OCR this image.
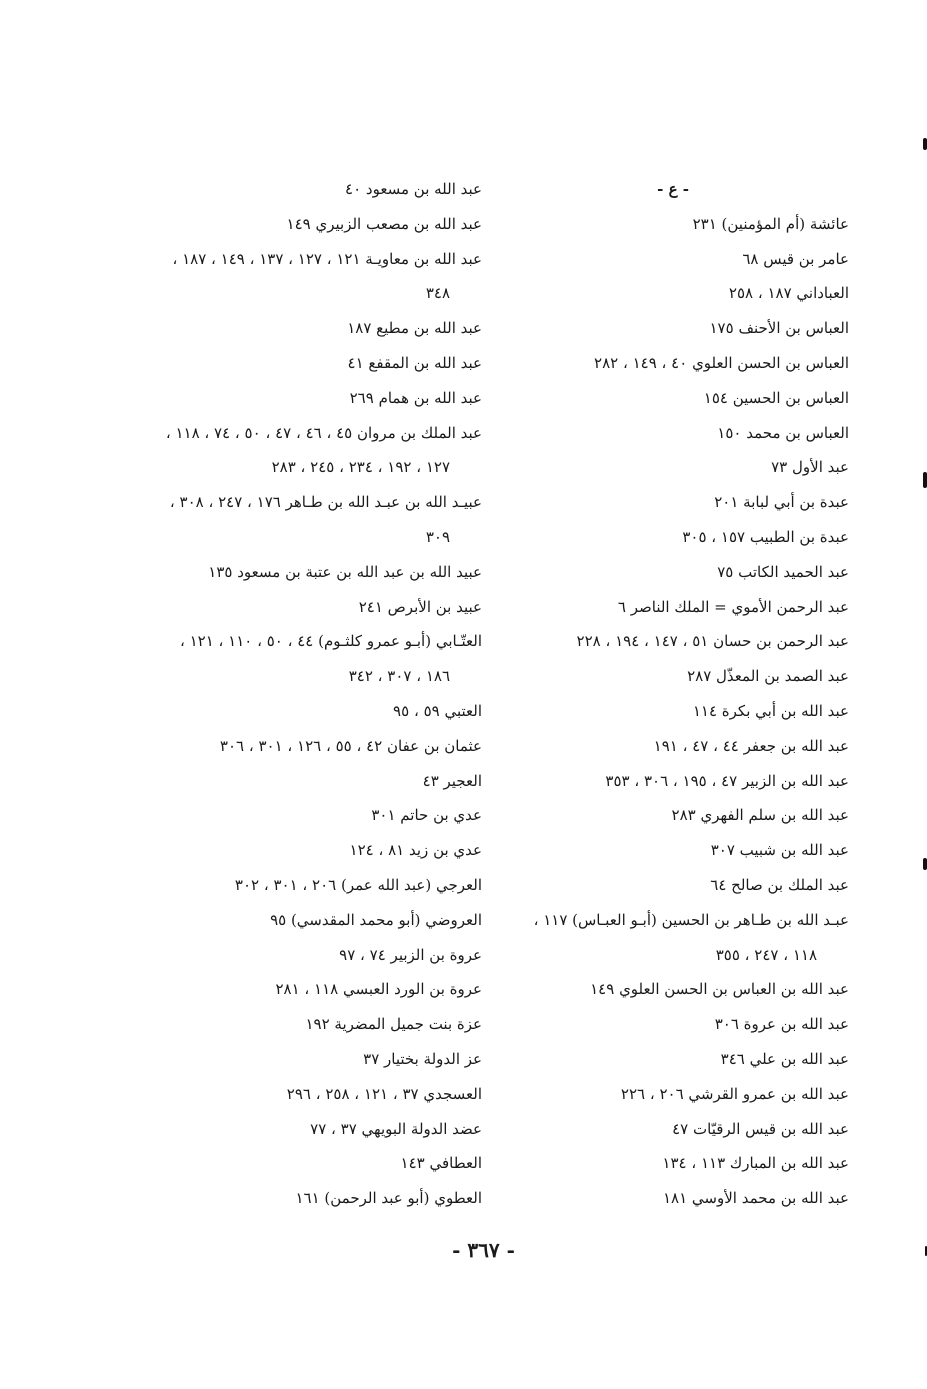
- ع -
عائشة (أم المؤمنين) ٢٣١
عامر بن قيس ٦٨
العباداني ١٨٧ ، ٢٥٨
العباس بن الأحنف ١٧٥
العباس بن الحسن العلوي ٤٠ ، ١٤٩ ، ٢٨٢
العباس بن الحسين ١٥٤
العباس بن محمد ١٥٠
عبد الأول ٧٣
عبدة بن أبي لبابة ٢٠١
عبدة بن الطبيب ١٥٧ ، ٣٠٥
عبد الحميد الكاتب ٧٥
عبد الرحمن الأموي = الملك الناصر ٦
عبد الرحمن بن حسان ٥١ ، ١٤٧ ، ١٩٤ ، ٢٢٨
عبد الصمد بن المعذّل ٢٨٧
عبد الله بن أبي بكرة ١١٤
عبد الله بن جعفر ٤٤ ، ٤٧ ، ١٩١
عبد الله بن الزبير ٤٧ ، ١٩٥ ، ٣٠٦ ، ٣٥٣
عبد الله بن سلم الفهري ٢٨٣
عبد الله بن شبيب ٣٠٧
عبد الملك بن صالح ٦٤
عبـد الله بن طـاهر بن الحسين (أبـو العبـاس) ١١٧ ،
١١٨ ، ٢٤٧ ، ٣٥٥
عبد الله بن العباس بن الحسن العلوي ١٤٩
عبد الله بن عروة ٣٠٦
عبد الله بن علي ٣٤٦
عبد الله بن عمرو القرشي ٢٠٦ ، ٢٢٦
عبد الله بن قيس الرقيّات ٤٧
عبد الله بن المبارك ١١٣ ، ١٣٤
عبد الله بن محمد الأوسي ١٨١
عبد الله بن مسعود ٤٠
عبد الله بن مصعب الزبيري ١٤٩
عبد الله بن معاويـة ١٢١ ، ١٢٧ ، ١٣٧ ، ١٤٩ ، ١٨٧ ،
٣٤٨
عبد الله بن مطيع ١٨٧
عبد الله بن المقفع ٤١
عبد الله بن همام ٢٦٩
عبد الملك بن مروان ٤٥ ، ٤٦ ، ٤٧ ، ٥٠ ، ٧٤ ، ١١٨ ،
١٢٧ ، ١٩٢ ، ٢٣٤ ، ٢٤٥ ، ٢٨٣
عبيـد الله بن عبـد الله بن طـاهر ١٧٦ ، ٢٤٧ ، ٣٠٨ ،
٣٠٩
عبيد الله بن عبد الله بن عتبة بن مسعود ١٣٥
عبيد بن الأبرص ٢٤١
العتّـابي (أبـو عمرو كلثـوم) ٤٤ ، ٥٠ ، ١١٠ ، ١٢١ ،
١٨٦ ، ٣٠٧ ، ٣٤٢
العتبي ٥٩ ، ٩٥
عثمان بن عفان ٤٢ ، ٥٥ ، ١٢٦ ، ٣٠١ ، ٣٠٦
العجير ٤٣
عدي بن حاتم ٣٠١
عدي بن زيد ٨١ ، ١٢٤
العرجي (عبد الله عمر) ٢٠٦ ، ٣٠١ ، ٣٠٢
العروضي (أبو محمد المقدسي) ٩٥
عروة بن الزبير ٧٤ ، ٩٧
عروة بن الورد العبسي ١١٨ ، ٢٨١
عزة بنت جميل المضرية ١٩٢
عز الدولة بختيار ٣٧
العسجدي ٣٧ ، ١٢١ ، ٢٥٨ ، ٢٩٦
عضد الدولة البويهي ٣٧ ، ٧٧
العطافي ١٤٣
العطوي (أبو عبد الرحمن) ١٦١
- ٣٦٧ -
